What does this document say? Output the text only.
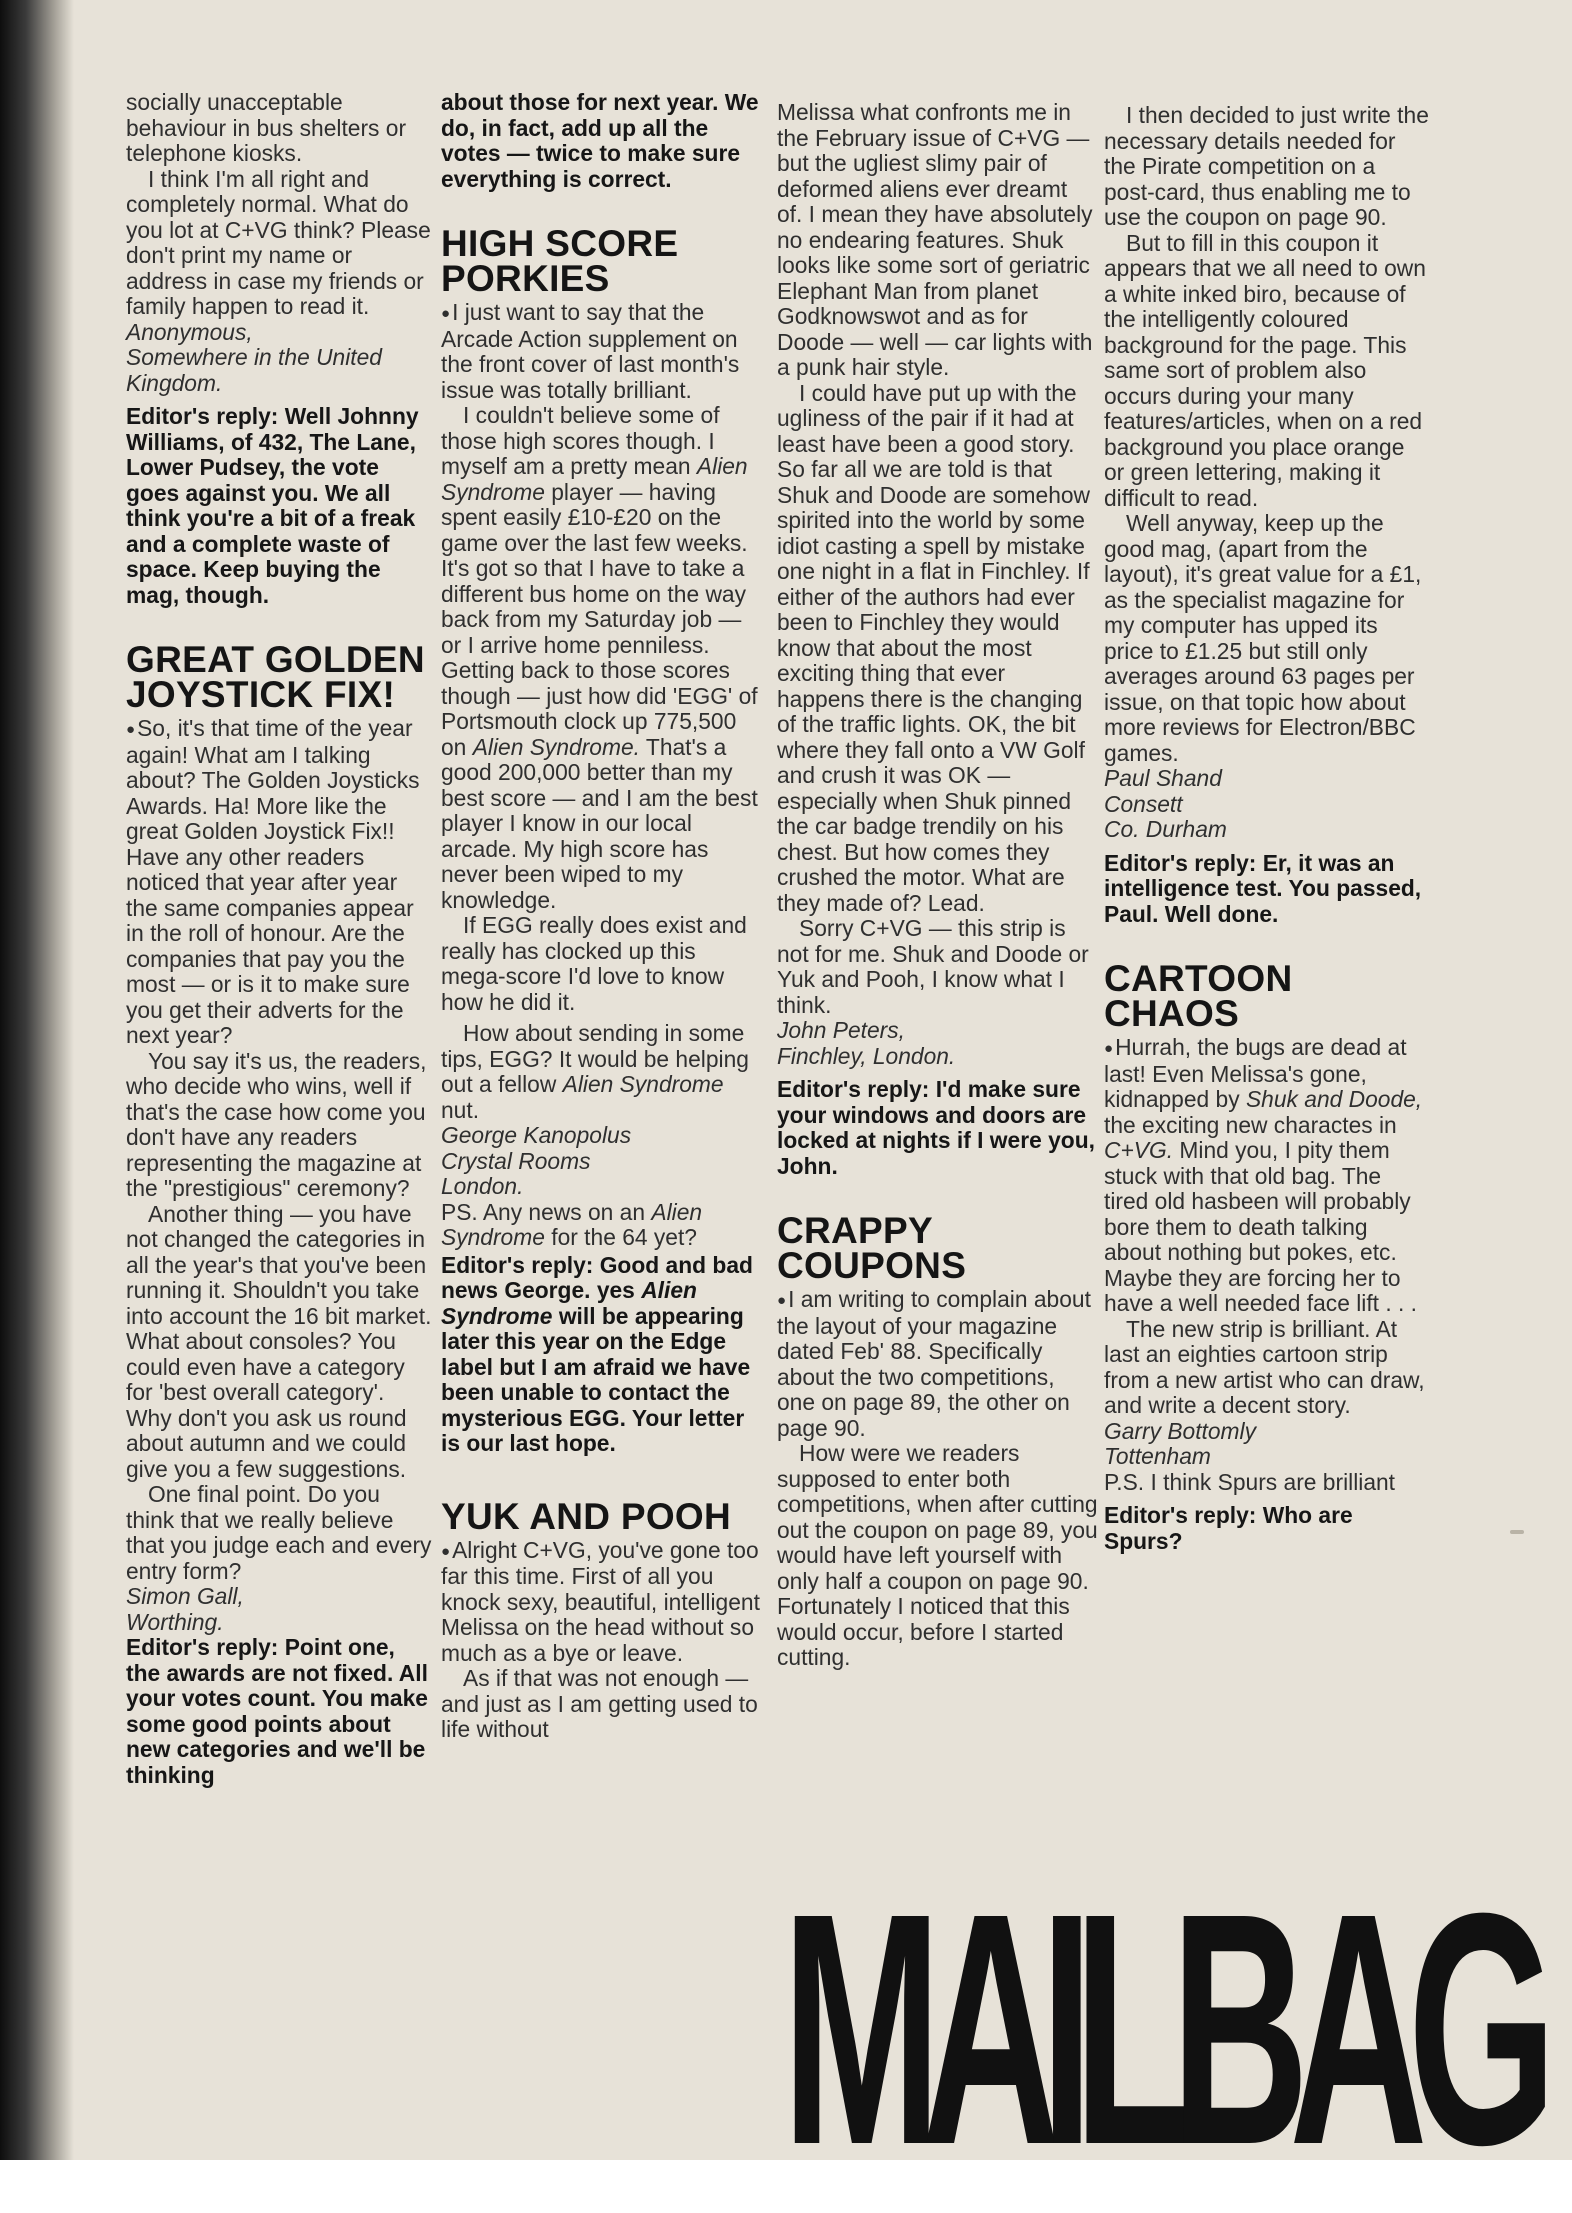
socially unacceptable behaviour in bus shelters or telephone kiosks.

I think I'm all right and completely normal. What do you lot at C+VG think? Please don't print my name or address in case my friends or family happen to read it.

Anonymous,

Somewhere in the United Kingdom.

Editor's reply: Well Johnny Williams, of 432, The Lane, Lower Pudsey, the vote goes against you. We all think you're a bit of a freak and a complete waste of space. Keep buying the mag, though.

GREAT GOLDEN JOYSTICK FIX!

● So, it's that time of the year again! What am I talking about? The Golden Joysticks Awards. Ha! More like the great Golden Joystick Fix!! Have any other readers noticed that year after year the same companies appear in the roll of honour. Are the companies that pay you the most — or is it to make sure you get their adverts for the next year?

You say it's us, the readers, who decide who wins, well if that's the case how come you don't have any readers representing the magazine at the "prestigious" ceremony?

Another thing — you have not changed the categories in all the year's that you've been running it. Shouldn't you take into account the 16 bit market. What about consoles? You could even have a category for 'best overall category'. Why don't you ask us round about autumn and we could give you a few suggestions.

One final point. Do you think that we really believe that you judge each and every entry form?

Simon Gall,

Worthing.

Editor's reply: Point one, the awards are not fixed. All your votes count. You make some good points about new categories and we'll be thinking

about those for next year. We do, in fact, add up all the votes — twice to make sure everything is correct.

HIGH SCORE PORKIES

● I just want to say that the Arcade Action supplement on the front cover of last month's issue was totally brilliant.

I couldn't believe some of those high scores though. I myself am a pretty mean Alien Syndrome player — having spent easily £10-£20 on the game over the last few weeks. It's got so that I have to take a different bus home on the way back from my Saturday job — or I arrive home penniless. Getting back to those scores though — just how did 'EGG' of Portsmouth clock up 775,500 on Alien Syndrome. That's a good 200,000 better than my best score — and I am the best player I know in our local arcade. My high score has never been wiped to my knowledge.

If EGG really does exist and really has clocked up this mega-score I'd love to know how he did it.

How about sending in some tips, EGG? It would be helping out a fellow Alien Syndrome nut.

George Kanopolus

Crystal Rooms

London.

PS. Any news on an Alien Syndrome for the 64 yet?

Editor's reply: Good and bad news George. yes Alien Syndrome will be appearing later this year on the Edge label but I am afraid we have been unable to contact the mysterious EGG. Your letter is our last hope.

YUK AND POOH

● Alright C+VG, you've gone too far this time. First of all you knock sexy, beautiful, intelligent Melissa on the head without so much as a bye or leave.

As if that was not enough — and just as I am getting used to life without

Melissa what confronts me in the February issue of C+VG — but the ugliest slimy pair of deformed aliens ever dreamt of. I mean they have absolutely no endearing features. Shuk looks like some sort of geriatric Elephant Man from planet Godknowswot and as for Doode — well — car lights with a punk hair style.

I could have put up with the ugliness of the pair if it had at least have been a good story. So far all we are told is that Shuk and Doode are somehow spirited into the world by some idiot casting a spell by mistake one night in a flat in Finchley. If either of the authors had ever been to Finchley they would know that about the most exciting thing that ever happens there is the changing of the traffic lights. OK, the bit where they fall onto a VW Golf and crush it was OK — especially when Shuk pinned the car badge trendily on his chest. But how comes they crushed the motor. What are they made of? Lead.

Sorry C+VG — this strip is not for me. Shuk and Doode or Yuk and Pooh, I know what I think.

John Peters,

Finchley, London.

Editor's reply: I'd make sure your windows and doors are locked at nights if I were you, John.

CRAPPY COUPONS

● I am writing to complain about the layout of your magazine dated Feb' 88. Specifically about the two competitions, one on page 89, the other on page 90.

How were we readers supposed to enter both competitions, when after cutting out the coupon on page 89, you would have left yourself with only half a coupon on page 90. Fortunately I noticed that this would occur, before I started cutting.

I then decided to just write the necessary details needed for the Pirate competition on a post-card, thus enabling me to use the coupon on page 90.

But to fill in this coupon it appears that we all need to own a white inked biro, because of the intelligently coloured background for the page. This same sort of problem also occurs during your many features/articles, when on a red background you place orange or green lettering, making it difficult to read.

Well anyway, keep up the good mag, (apart from the layout), it's great value for a £1, as the specialist magazine for my computer has upped its price to £1.25 but still only averages around 63 pages per issue, on that topic how about more reviews for Electron/BBC games.

Paul Shand

Consett

Co. Durham

Editor's reply: Er, it was an intelligence test. You passed, Paul. Well done.

CARTOON CHAOS

● Hurrah, the bugs are dead at last! Even Melissa's gone, kidnapped by Shuk and Doode, the exciting new charactes in C+VG. Mind you, I pity them stuck with that old bag. The tired old hasbeen will probably bore them to death talking about nothing but pokes, etc. Maybe they are forcing her to have a well needed face lift . . .

The new strip is brilliant. At last an eighties cartoon strip from a new artist who can draw, and write a decent story.

Garry Bottomly

Tottenham

P.S. I think Spurs are brilliant

Editor's reply: Who are Spurs?

MAILBAG
